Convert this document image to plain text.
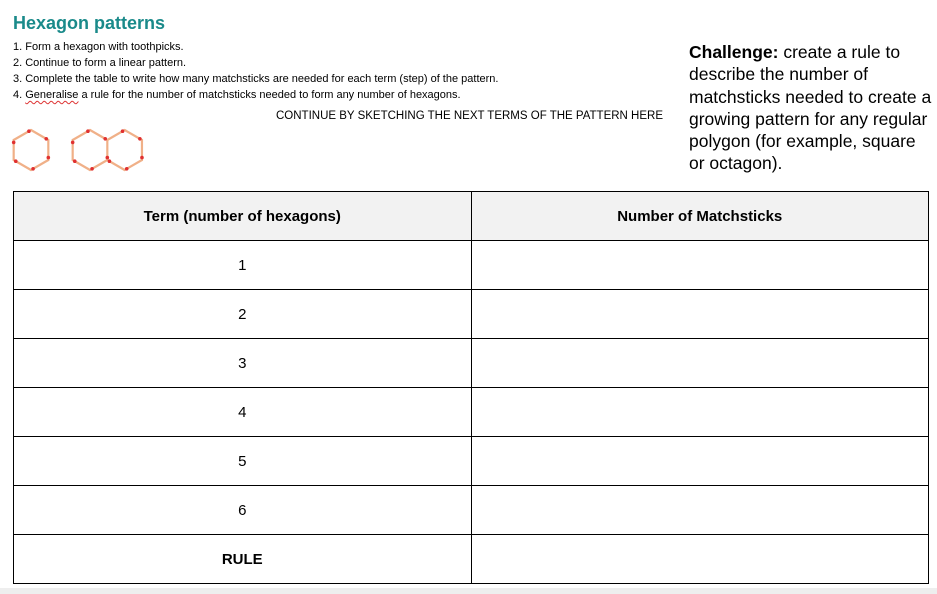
Hexagon patterns
1. Form a hexagon with toothpicks.
2. Continue to form a linear pattern.
3. Complete the table to write how many matchsticks are needed for each term (step) of the pattern.
4. Generalise a rule for the number of matchsticks needed to form any number of hexagons.
CONTINUE BY SKETCHING THE NEXT TERMS OF THE PATTERN HERE

Challenge: create a rule to describe the number of matchsticks needed to create a growing pattern for any regular polygon (for example, square or octagon).

Term (number of hexagons)	Number of Matchsticks
1	
2	
3	
4	
5	
6	
RULE	
